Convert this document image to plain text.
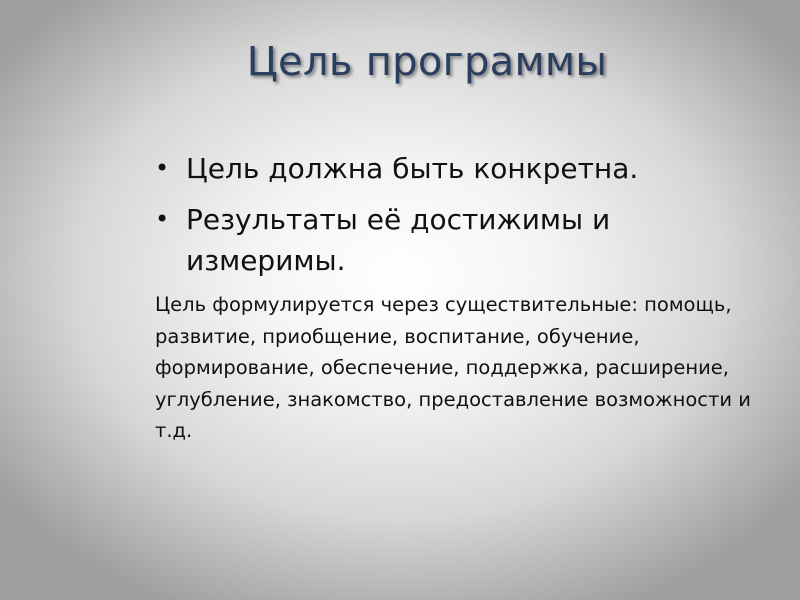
Цель программы
• Цель должна быть конкретна.
• Результаты её достижимы и измеримы.

Цель формулируется через существительные: помощь, развитие, приобщение, воспитание, обучение, формирование, обеспечение, поддержка, расширение, углубление, знакомство, предоставление возможности и т.д.
